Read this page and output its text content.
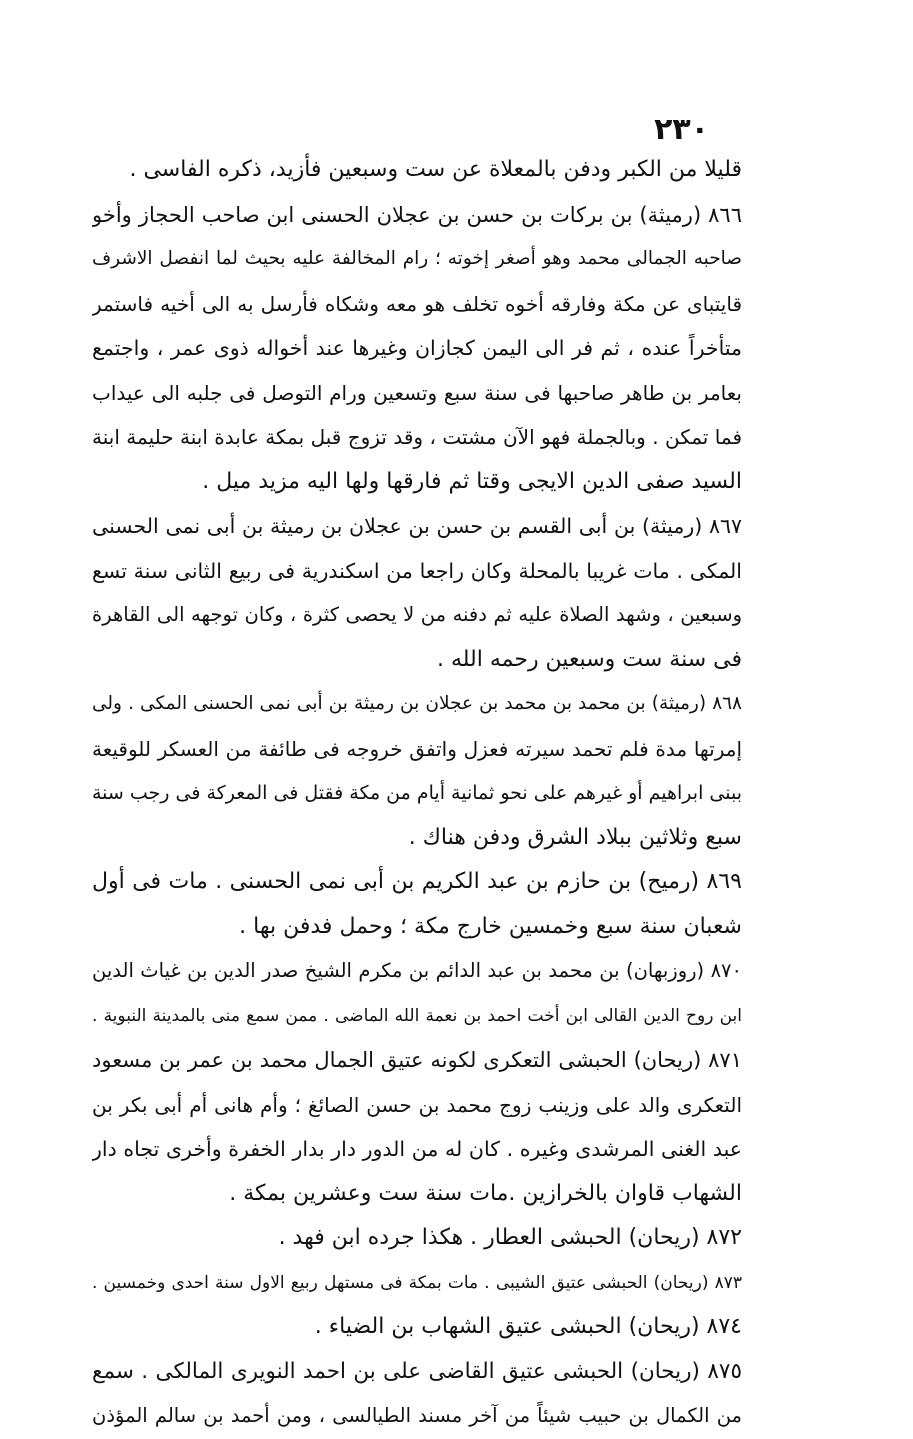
٢٣٠
قليلا من الكبر ودفن بالمعلاة عن ست وسبعين فأزيد، ذكره الفاسى .
٨٦٦ (رميثة) بن بركات بن حسن بن عجلان الحسنى ابن صاحب الحجاز وأخو
صاحبه الجمالى محمد وهو أصغر إخوته ؛ رام المخالفة عليه بحيث لما انفصل الاشرف
قايتباى عن مكة وفارقه أخوه تخلف هو معه وشكاه فأرسل به الى أخيه فاستمر
متأخراً عنده ، ثم فر الى اليمن كجازان وغيرها عند أخواله ذوى عمر ، واجتمع
بعامر بن طاهر صاحبها فى سنة سبع وتسعين ورام التوصل فى جلبه الى عيداب
فما تمكن . وبالجملة فهو الآن مشتت ، وقد تزوج قبل بمكة عابدة ابنة حليمة ابنة
السيد صفى الدين الايجى وقتا ثم فارقها ولها اليه مزيد ميل .
٨٦٧ (رميثة) بن أبى القسم بن حسن بن عجلان بن رميثة بن أبى نمى الحسنى
المكى . مات غريبا بالمحلة وكان راجعا من اسكندرية فى ربيع الثانى سنة تسع
وسبعين ، وشهد الصلاة عليه ثم دفنه من لا يحصى كثرة ، وكان توجهه الى القاهرة
فى سنة ست وسبعين رحمه الله .
٨٦٨ (رميثة) بن محمد بن محمد بن عجلان بن رميثة بن أبى نمى الحسنى المكى . ولى
إمرتها مدة فلم تحمد سيرته فعزل واتفق خروجه فى طائفة من العسكر للوقيعة
ببنى ابراهيم أو غيرهم على نحو ثمانية أيام من مكة فقتل فى المعركة فى رجب سنة
سبع وثلاثين ببلاد الشرق ودفن هناك .
٨٦٩ (رميح) بن حازم بن عبد الكريم بن أبى نمى الحسنى . مات فى أول
شعبان سنة سبع وخمسين خارج مكة ؛ وحمل فدفن بها .
٨٧٠ (روزبهان) بن محمد بن عبد الدائم بن مكرم الشيخ صدر الدين بن غياث الدين
ابن روح الدين القالى ابن أخت احمد بن نعمة الله الماضى . ممن سمع منى بالمدينة النبوية .
٨٧١ (ريحان) الحبشى التعكرى لكونه عتيق الجمال محمد بن عمر بن مسعود
التعكرى والد على وزينب زوج محمد بن حسن الصائغ ؛ وأم هانى أم أبى بكر بن
عبد الغنى المرشدى وغيره . كان له من الدور دار بدار الخفرة وأخرى تجاه دار
الشهاب قاوان بالخرازين .مات سنة ست وعشرين بمكة .
٨٧٢ (ريحان) الحبشى العطار . هكذا جرده ابن فهد .
٨٧٣ (ريحان) الحبشى عتيق الشيبى . مات بمكة فى مستهل ربيع الاول سنة احدى وخمسين .
٨٧٤ (ريحان) الحبشى عتيق الشهاب بن الضياء .
٨٧٥ (ريحان) الحبشى عتيق القاضى على بن احمد النويرى المالكى . سمع
من الكمال بن حبيب شيئاً من آخر مسند الطيالسى ، ومن أحمد بن سالم المؤذن
